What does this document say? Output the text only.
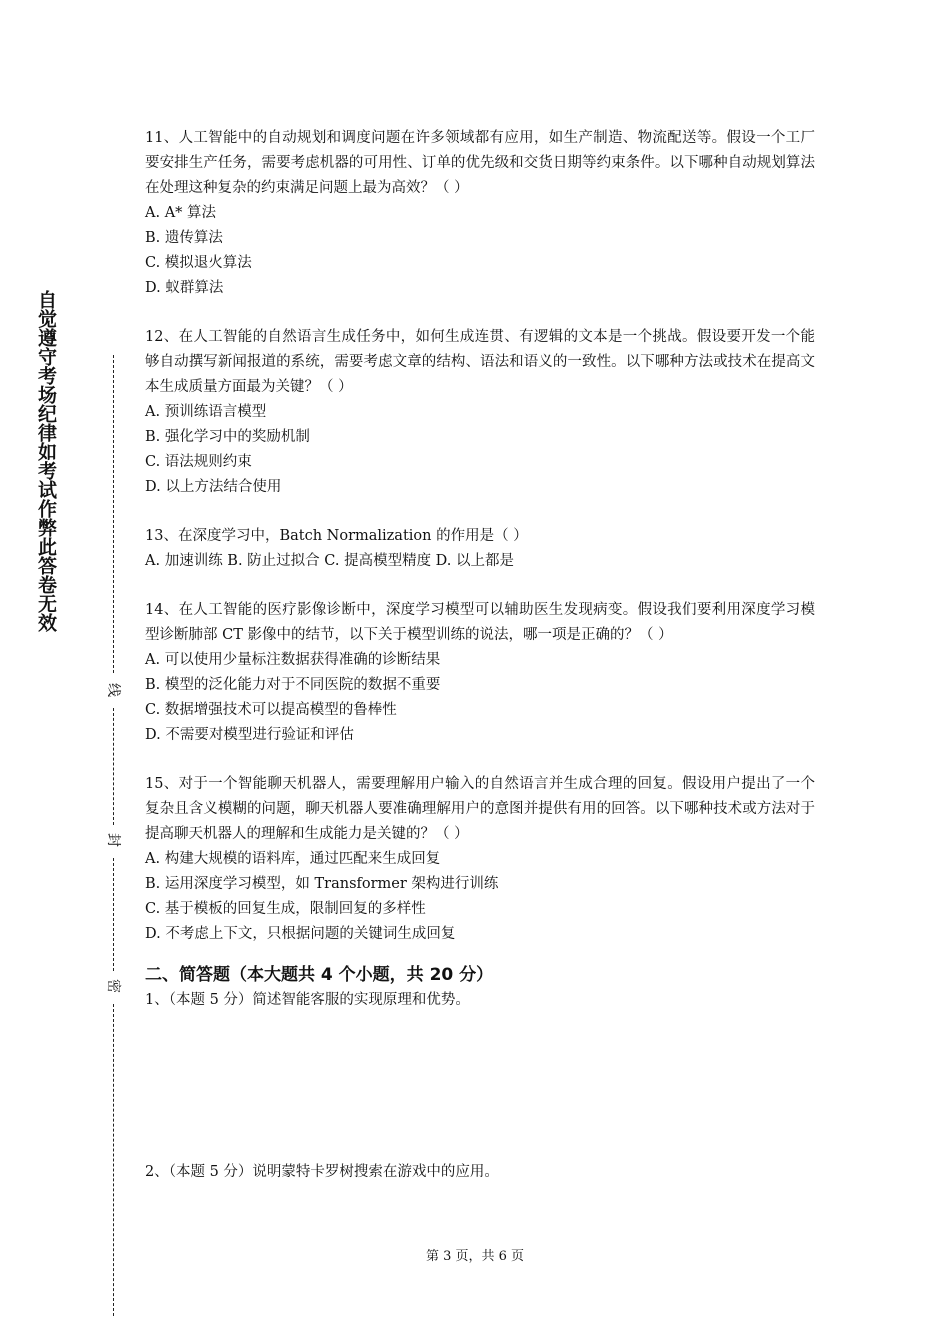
自觉遵守考场纪律如考试作弊此答卷无效
线
封
密
11、人工智能中的自动规划和调度问题在许多领域都有应用，如生产制造、物流配送等。假设一个工厂要安排生产任务，需要考虑机器的可用性、订单的优先级和交货日期等约束条件。以下哪种自动规划算法在处理这种复杂的约束满足问题上最为高效？（ ）
A. A* 算法
B. 遗传算法
C. 模拟退火算法
D. 蚁群算法
12、在人工智能的自然语言生成任务中，如何生成连贯、有逻辑的文本是一个挑战。假设要开发一个能够自动撰写新闻报道的系统，需要考虑文章的结构、语法和语义的一致性。以下哪种方法或技术在提高文本生成质量方面最为关键？（ ）
A. 预训练语言模型
B. 强化学习中的奖励机制
C. 语法规则约束
D. 以上方法结合使用
13、在深度学习中，Batch Normalization 的作用是（ ）
A. 加速训练 B. 防止过拟合 C. 提高模型精度 D. 以上都是
14、在人工智能的医疗影像诊断中，深度学习模型可以辅助医生发现病变。假设我们要利用深度学习模型诊断肺部 CT 影像中的结节，以下关于模型训练的说法，哪一项是正确的？（ ）
A. 可以使用少量标注数据获得准确的诊断结果
B. 模型的泛化能力对于不同医院的数据不重要
C. 数据增强技术可以提高模型的鲁棒性
D. 不需要对模型进行验证和评估
15、对于一个智能聊天机器人，需要理解用户输入的自然语言并生成合理的回复。假设用户提出了一个复杂且含义模糊的问题，聊天机器人要准确理解用户的意图并提供有用的回答。以下哪种技术或方法对于提高聊天机器人的理解和生成能力是关键的？（ ）
A. 构建大规模的语料库，通过匹配来生成回复
B. 运用深度学习模型，如 Transformer 架构进行训练
C. 基于模板的回复生成，限制回复的多样性
D. 不考虑上下文，只根据问题的关键词生成回复
二、简答题（本大题共 4 个小题，共 20 分）
1、（本题 5 分）简述智能客服的实现原理和优势。
2、（本题 5 分）说明蒙特卡罗树搜索在游戏中的应用。
第 3 页，共 6 页
